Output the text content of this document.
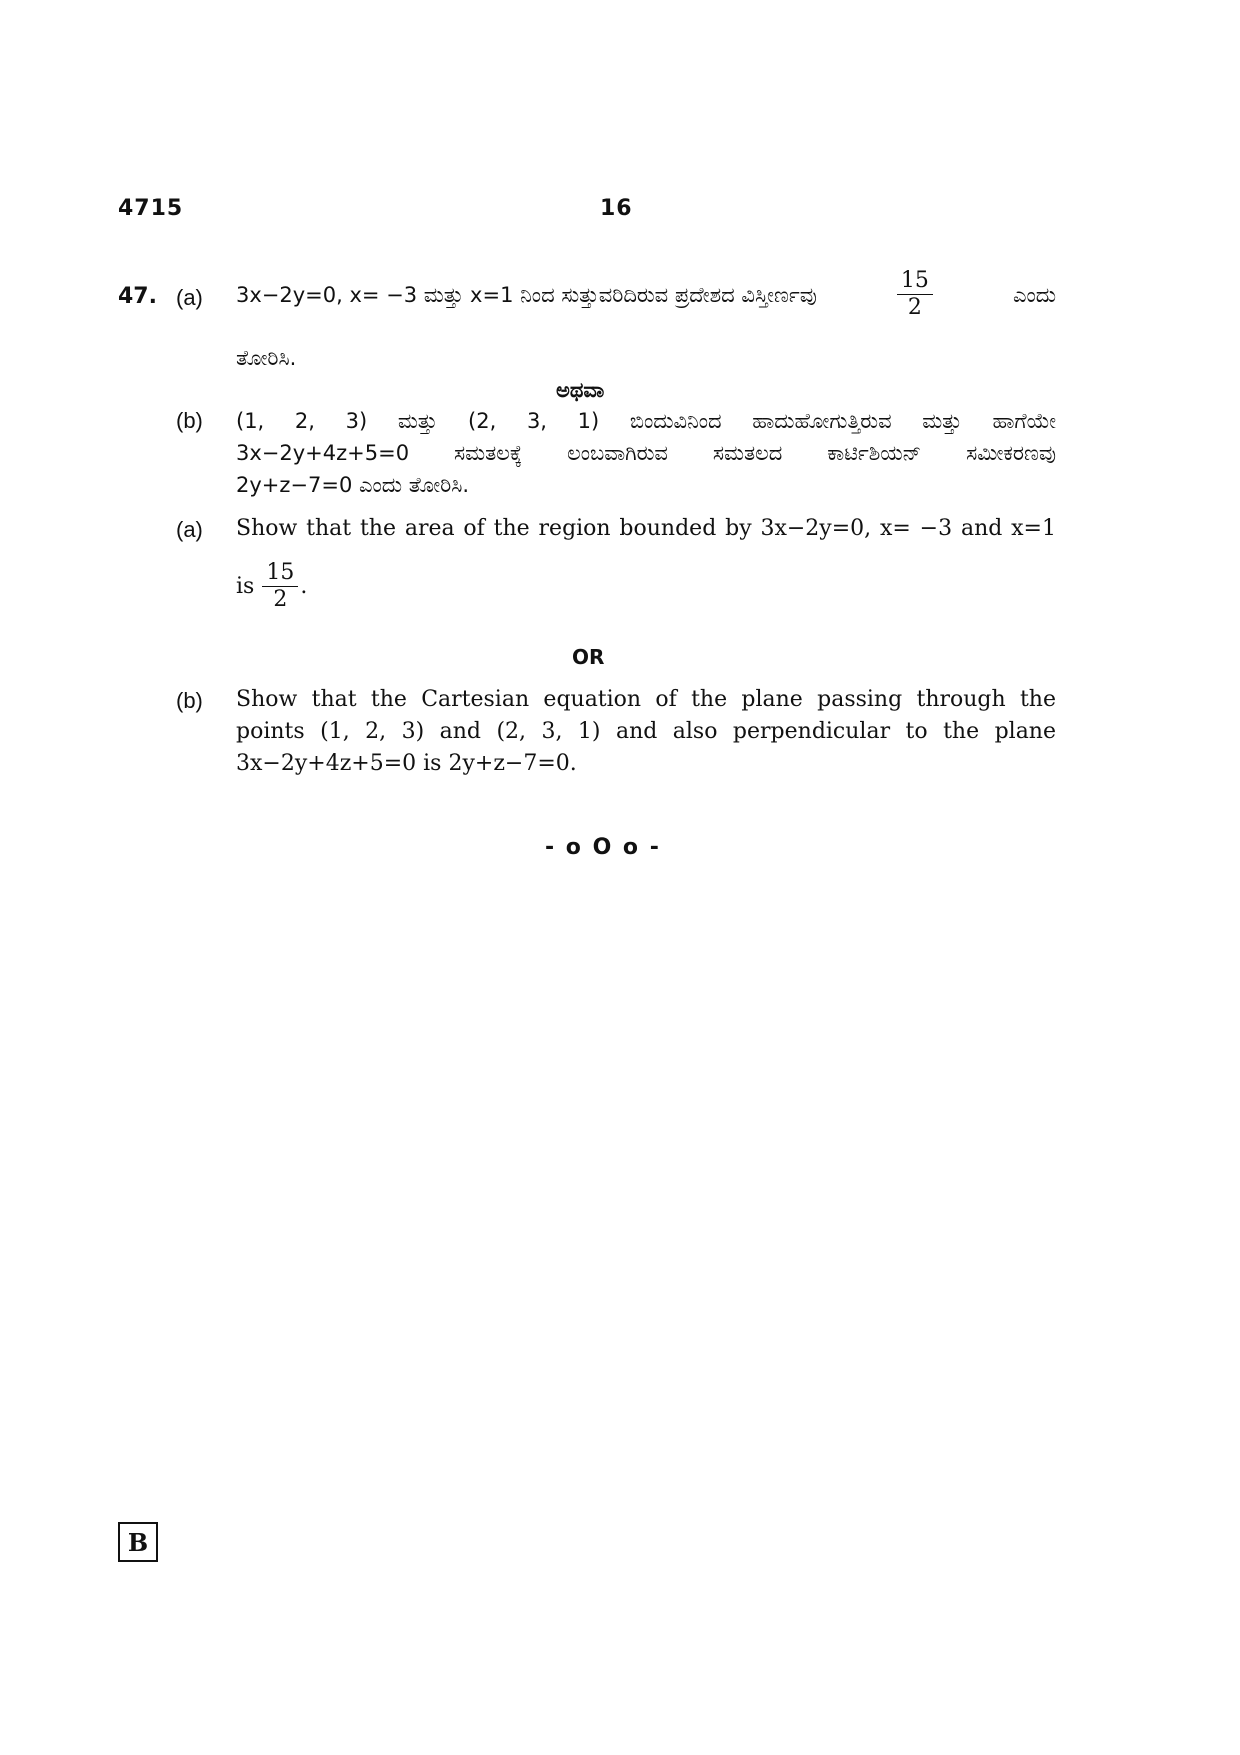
4715	16
47. (a) 3x−2y=0, x= −3 ಮತ್ತು x=1 ನಿಂದ ಸುತ್ತುವರಿದಿರುವ ಪ್ರದೇಶದ ವಿಸ್ತೀರ್ಣವು	$\frac{15}{2}$	ಎಂದು
ತೋರಿಸಿ.
ಅಥವಾ
(b) (1, 2, 3) ಮತ್ತು (2, 3, 1) ಬಿಂದುವಿನಿಂದ ಹಾದುಹೋಗುತ್ತಿರುವ ಮತ್ತು ಹಾಗೆಯೇ
3x−2y+4z+5=0 ಸಮತಲಕ್ಕೆ ಲಂಬವಾಗಿರುವ ಸಮತಲದ ಕಾರ್ಟಿಶಿಯನ್ ಸಮೀಕರಣವು
2y+z−7=0 ಎಂದು ತೋರಿಸಿ.
(a) Show that the area of the region bounded by 3x−2y=0, x= −3 and x=1
is $\frac{15}{2}$ .
OR
(b) Show that the Cartesian equation of the plane passing through the
points (1, 2, 3) and (2, 3, 1) and also perpendicular to the plane
3x−2y+4z+5=0 is 2y+z−7=0.
- o O o -
B
